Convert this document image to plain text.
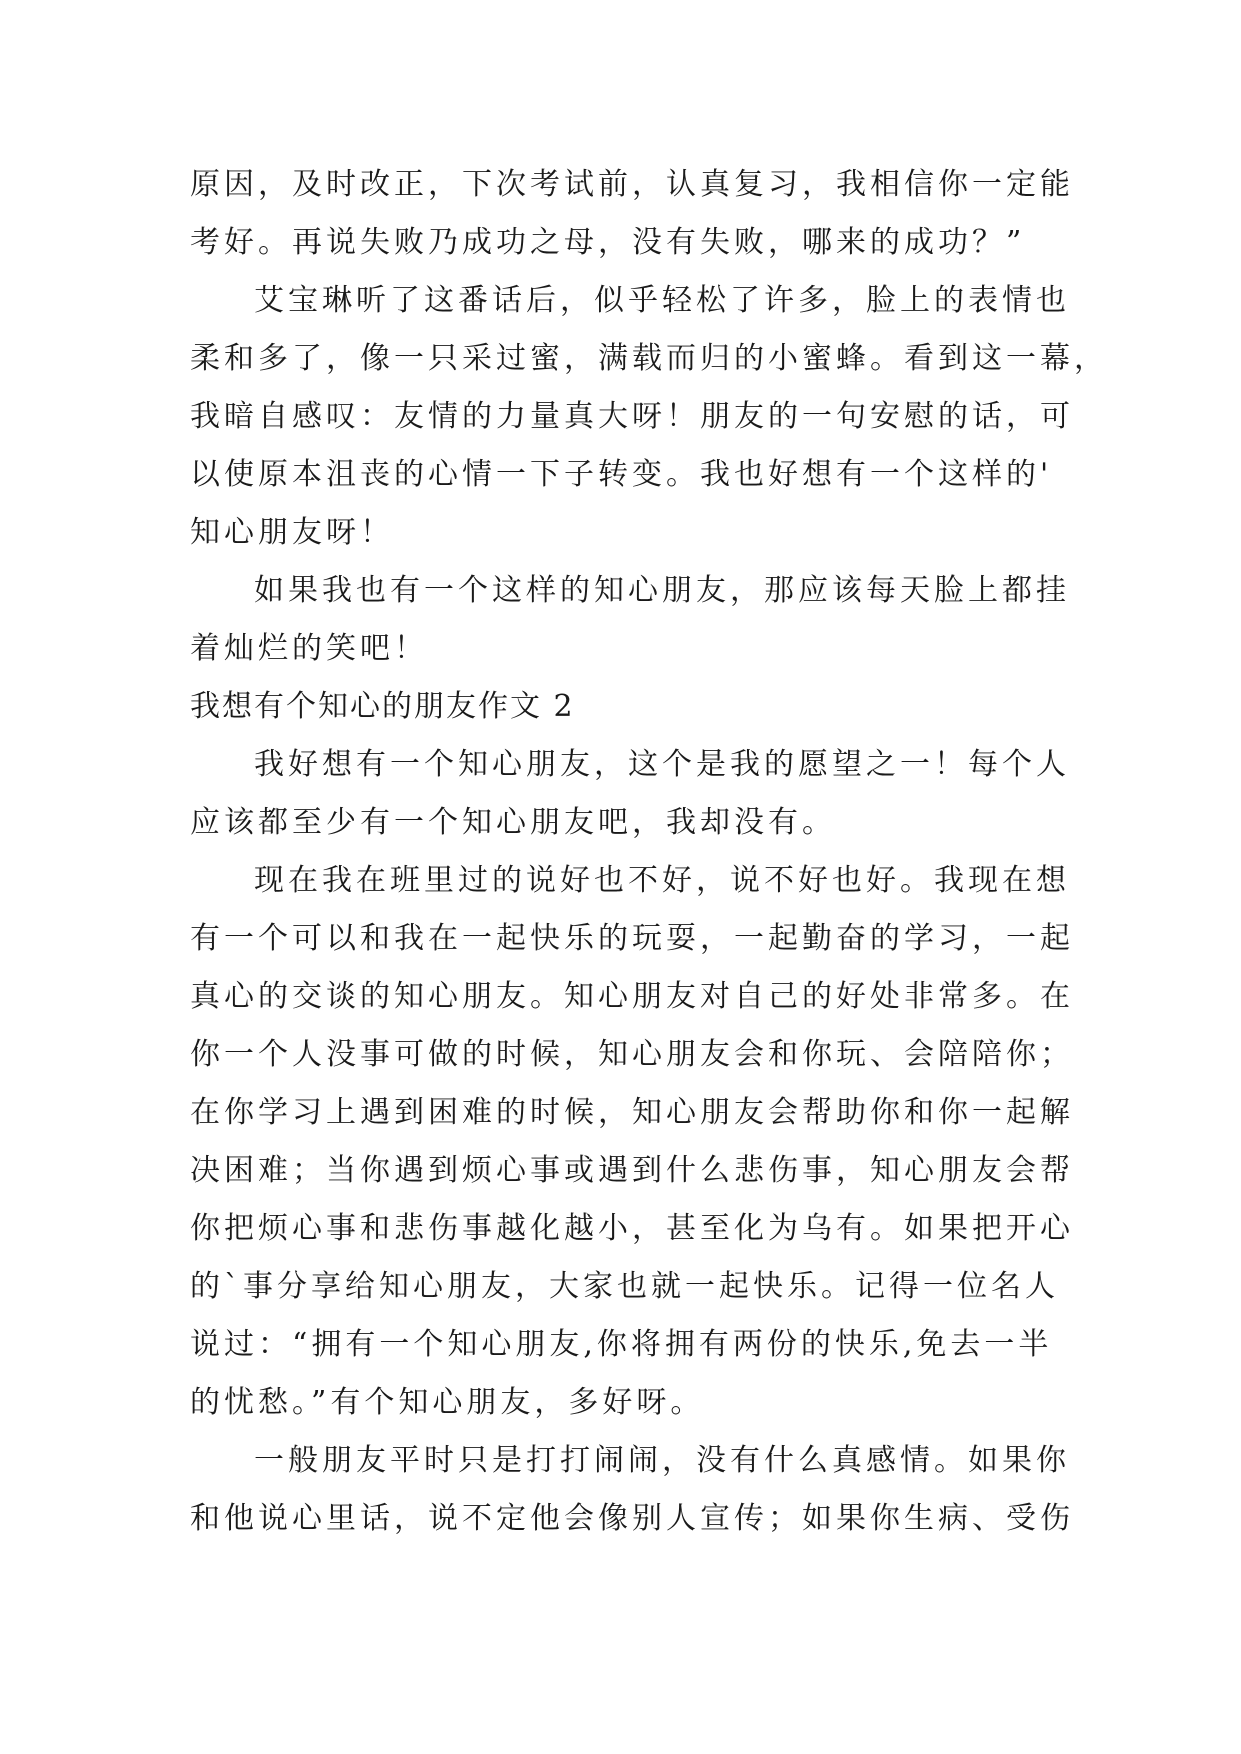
原因，及时改正，下次考试前，认真复习，我相信你一定能
考好。再说失败乃成功之母，没有失败，哪来的成功？”
艾宝琳听了这番话后，似乎轻松了许多，脸上的表情也
柔和多了，像一只采过蜜，满载而归的小蜜蜂。看到这一幕，
我暗自感叹：友情的力量真大呀！朋友的一句安慰的话，可
以使原本沮丧的心情一下子转变。我也好想有一个这样的'
知心朋友呀！
如果我也有一个这样的知心朋友，那应该每天脸上都挂
着灿烂的笑吧！
我想有个知心的朋友作文 2
我好想有一个知心朋友，这个是我的愿望之一！每个人
应该都至少有一个知心朋友吧，我却没有。
现在我在班里过的说好也不好，说不好也好。我现在想
有一个可以和我在一起快乐的玩耍，一起勤奋的学习，一起
真心的交谈的知心朋友。知心朋友对自己的好处非常多。在
你一个人没事可做的时候，知心朋友会和你玩、会陪陪你；
在你学习上遇到困难的时候，知心朋友会帮助你和你一起解
决困难；当你遇到烦心事或遇到什么悲伤事，知心朋友会帮
你把烦心事和悲伤事越化越小，甚至化为乌有。如果把开心
的`事分享给知心朋友，大家也就一起快乐。记得一位名人
说过：“拥有一个知心朋友,你将拥有两份的快乐,免去一半
的忧愁。”有个知心朋友，多好呀。
一般朋友平时只是打打闹闹，没有什么真感情。如果你
和他说心里话，说不定他会像别人宣传；如果你生病、受伤
